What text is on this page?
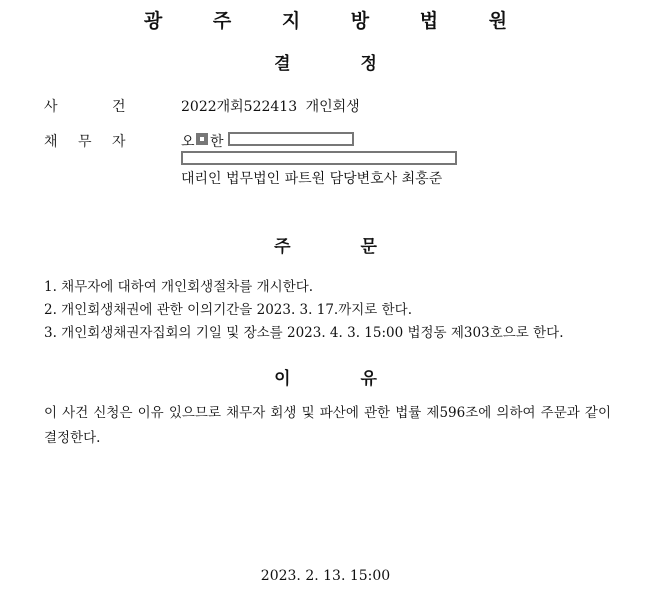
광 주 지 방 법 원
결	정
사	건	2022개회522413 개인회생
채 무 자	오 한
대리인 법무법인 파트원 담당변호사 최홍준
주	문
1. 채무자에 대하여 개인회생절차를 개시한다.
2. 개인회생채권에 관한 이의기간을 2023. 3. 17.까지로 한다.
3. 개인회생채권자집회의 기일 및 장소를 2023. 4. 3. 15:00 법정동 제303호으로 한다.
이	유
이 사건 신청은 이유 있으므로 채무자 회생 및 파산에 관한 법률 제596조에 의하여 주문과 같이 결정한다.
2023. 2. 13. 15:00
